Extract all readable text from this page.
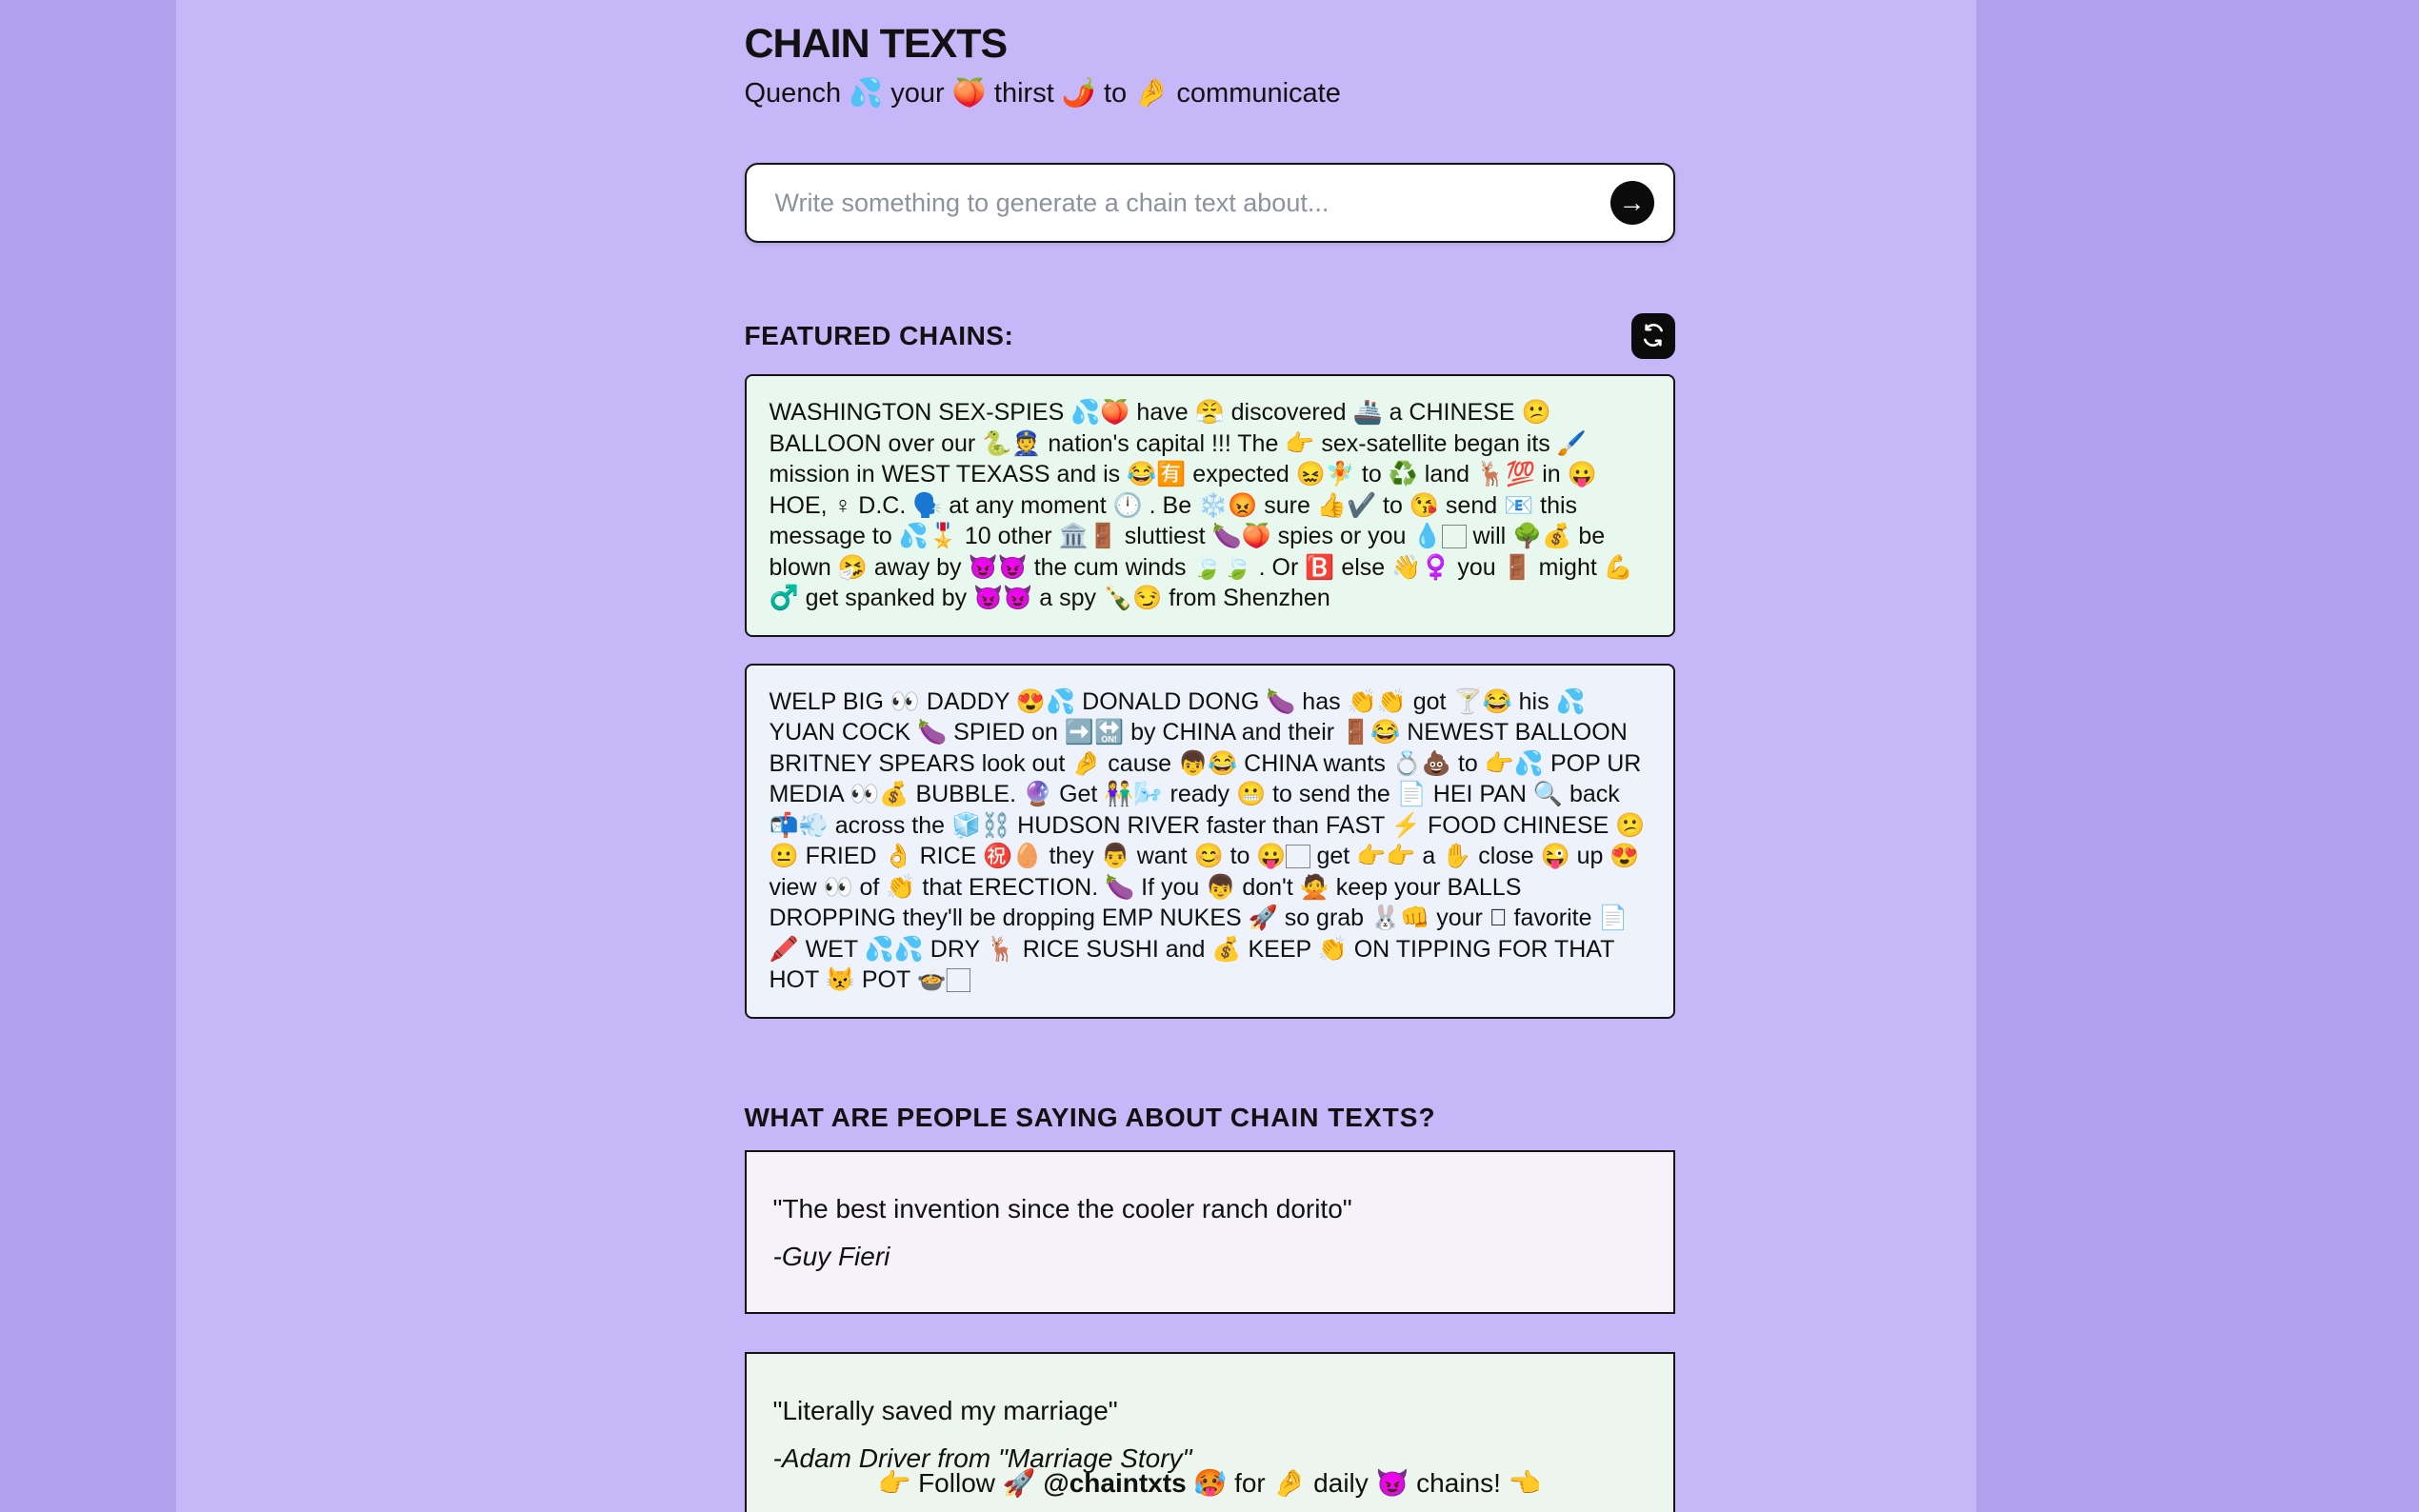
CHAIN TEXTS
Quench 💦 your 🍑 thirst 🌶️ to 🤌 communicate
Write something to generate a chain text about...
→
FEATURED CHAINS:
WASHINGTON SEX-SPIES 💦🍑 have 😤 discovered 🚢 a CHINESE 😕 BALLOON over our 🐍👮 nation's capital !!! The 👉 sex-satellite began its 🖌️ mission in WEST TEXASS and is 😂🈶 expected 😖🧚 to ♻️ land 🦌💯 in 😛 HOE, ♀ D.C. 🗣️ at any moment 🕛 . Be ❄️😡 sure 👍✔️ to 😘 send 📧 this message to 💦🎖️ 10 other 🏛️🚪 sluttiest 🍆🍑 spies or you 💧🏻 will 🌳💰 be blown 🤧 away by 😈😈 the cum winds 🍃🍃 . Or 🅱️ else 👋♀️ you 🚪 might 💪♂️ get spanked by 😈😈 a spy 🍾😏 from Shenzhen
WELP BIG 👀 DADDY 😍💦 DONALD DONG 🍆 has 👏👏 got 🍸😂 his 💦 YUAN COCK 🍆 SPIED on ➡️🔛 by CHINA and their 🚪😂 NEWEST BALLOON BRITNEY SPEARS look out 🤌 cause 👦😂 CHINA wants 💍💩 to 👉💦 POP UR MEDIA 👀💰 BUBBLE. 🔮 Get 👫🌬️ ready 😬 to send the 📄 HEI PAN 🔍 back 📬💨 across the 🧊⛓️ HUDSON RIVER faster than FAST ⚡ FOOD CHINESE 😕😐 FRIED 👌 RICE ㊗️🥚 they 👨 want 😊 to 😛🏻 get 👉👉 a ✋ close 😜 up 😍 view 👀 of 👏 that ERECTION. 🍆 If you 👦 don't 🙅 keep your BALLS DROPPING they'll be dropping EMP NUKES 🚀 so grab 🐰👊 your 🏻 favorite 📄🖍️ WET 💦💦 DRY 🦌 RICE SUSHI and 💰 KEEP 👏 ON TIPPING FOR THAT HOT 😾 POT 🍲🏻
WHAT ARE PEOPLE SAYING ABOUT CHAIN TEXTS?
"The best invention since the cooler ranch dorito"
-Guy Fieri
"Literally saved my marriage"
-Adam Driver from "Marriage Story"
👉 Follow 🚀 @chaintxts 🥵 for 🤌 daily 😈 chains! 👈
